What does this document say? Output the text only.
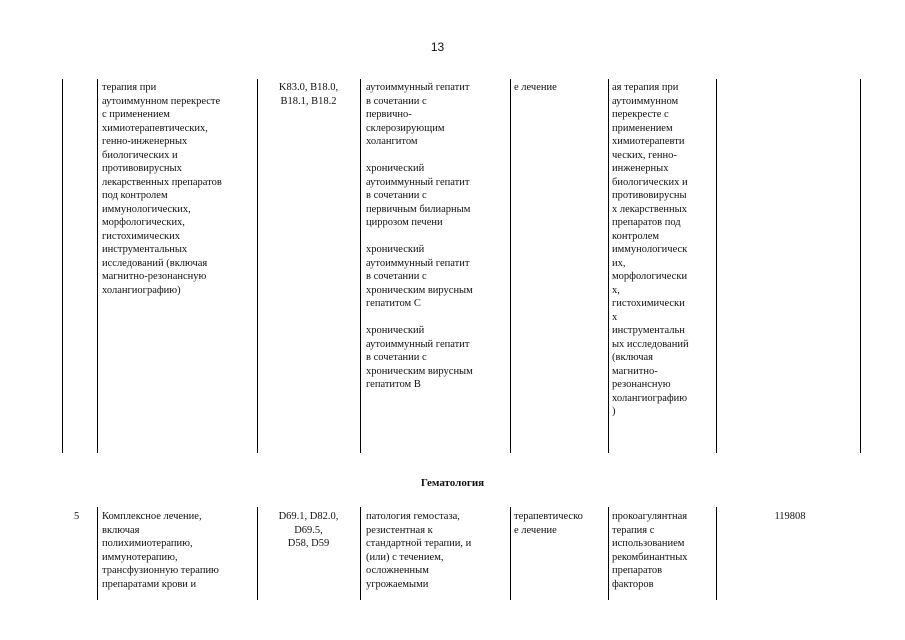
13
терапия при
аутоиммунном перекресте
с применением
химиотерапевтических,
генно-инженерных
биологических и
противовирусных
лекарственных препаратов
под контролем
иммунологических,
морфологических,
гистохимических
инструментальных
исследований (включая
магнитно-резонансную
холангиографию)
K83.0, B18.0,
B18.1, B18.2
аутоиммунный гепатит
в сочетании с
первично-
склерозирующим
холангитом

хронический
аутоиммунный гепатит
в сочетании с
первичным билиарным
циррозом печени

хронический
аутоиммунный гепатит
в сочетании с
хроническим вирусным
гепатитом C

хронический
аутоиммунный гепатит
в сочетании с
хроническим вирусным
гепатитом B
е лечение	ая терапия при
аутоиммунном
перекресте с
применением
химиотерапевти
ческих, генно-
инженерных
биологических и
противовирусны
х лекарственных
препаратов под
контролем
иммунологическ
их,
морфологически
х,
гистохимически
х
инструментальн
ых исследований
(включая
магнитно-
резонансную
холангиографию
)
Гематология
5	Комплексное лечение,
включая
полихимиотерапию,
иммунотерапию,
трансфузионную терапию
препаратами крови и
D69.1, D82.0,
D69.5,
D58, D59
патология гемостаза,
резистентная к
стандартной терапии, и
(или) с течением,
осложненным
угрожаемыми
терапевтическо
е лечение
прокоагулянтная
терапия с
использованием
рекомбинантных
препаратов
факторов
119808
